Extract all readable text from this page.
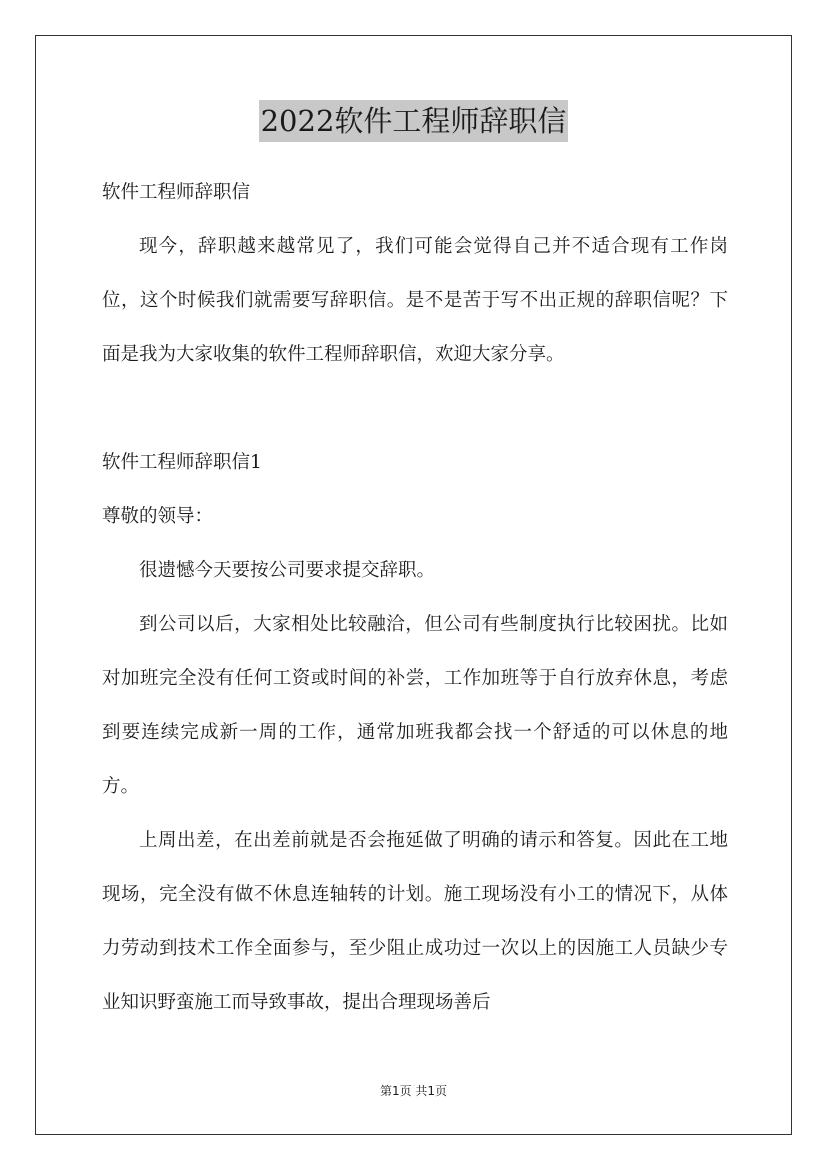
2022软件工程师辞职信

软件工程师辞职信

现今，辞职越来越常见了，我们可能会觉得自己并不适合现有工作岗位，这个时候我们就需要写辞职信。是不是苦于写不出正规的辞职信呢？下面是我为大家收集的软件工程师辞职信，欢迎大家分享。

软件工程师辞职信1

尊敬的领导：

很遗憾今天要按公司要求提交辞职。

到公司以后，大家相处比较融洽，但公司有些制度执行比较困扰。比如对加班完全没有任何工资或时间的补尝，工作加班等于自行放弃休息，考虑到要连续完成新一周的工作，通常加班我都会找一个舒适的可以休息的地方。

上周出差，在出差前就是否会拖延做了明确的请示和答复。因此在工地现场，完全没有做不休息连轴转的计划。施工现场没有小工的情况下，从体力劳动到技术工作全面参与，至少阻止成功过一次以上的因施工人员缺少专业知识野蛮施工而导致事故，提出合理现场善后

第1页 共1页
